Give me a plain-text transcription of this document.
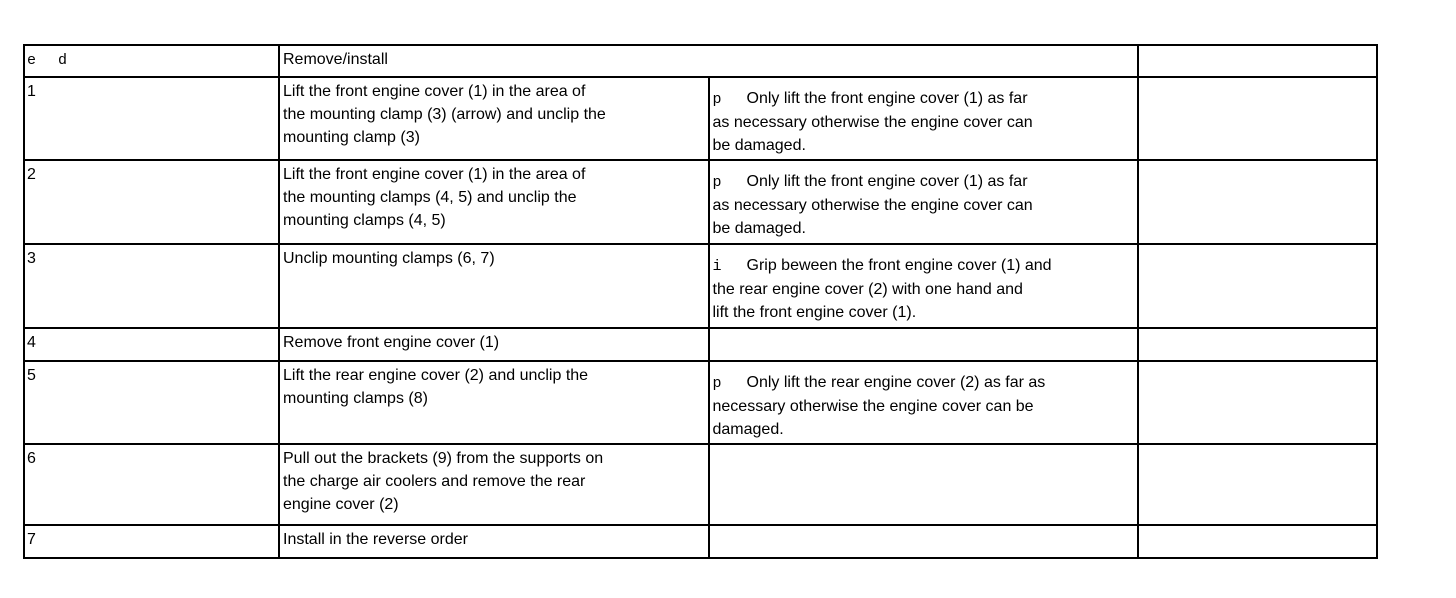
e d	Remove/install		
1	Lift the front engine cover (1) in the area of
the mounting clamp (3) (arrow) and unclip the
mounting clamp (3)	p Only lift the front engine cover (1) as far
as necessary otherwise the engine cover can
be damaged.	

2	Lift the front engine cover (1) in the area of
the mounting clamps (4, 5) and unclip the
mounting clamps (4, 5)	p Only lift the front engine cover (1) as far
as necessary otherwise the engine cover can
be damaged.	

3	Unclip mounting clamps (6, 7)	i Grip beween the front engine cover (1) and
the rear engine cover (2) with one hand and
lift the front engine cover (1).	

4	Remove front engine cover (1)		

5	Lift the rear engine cover (2) and unclip the
mounting clamps (8)	p Only lift the rear engine cover (2) as far as
necessary otherwise the engine cover can be
damaged.	

6	Pull out the brackets (9) from the supports on
the charge air coolers and remove the rear
engine cover (2)		

7	Install in the reverse order		
